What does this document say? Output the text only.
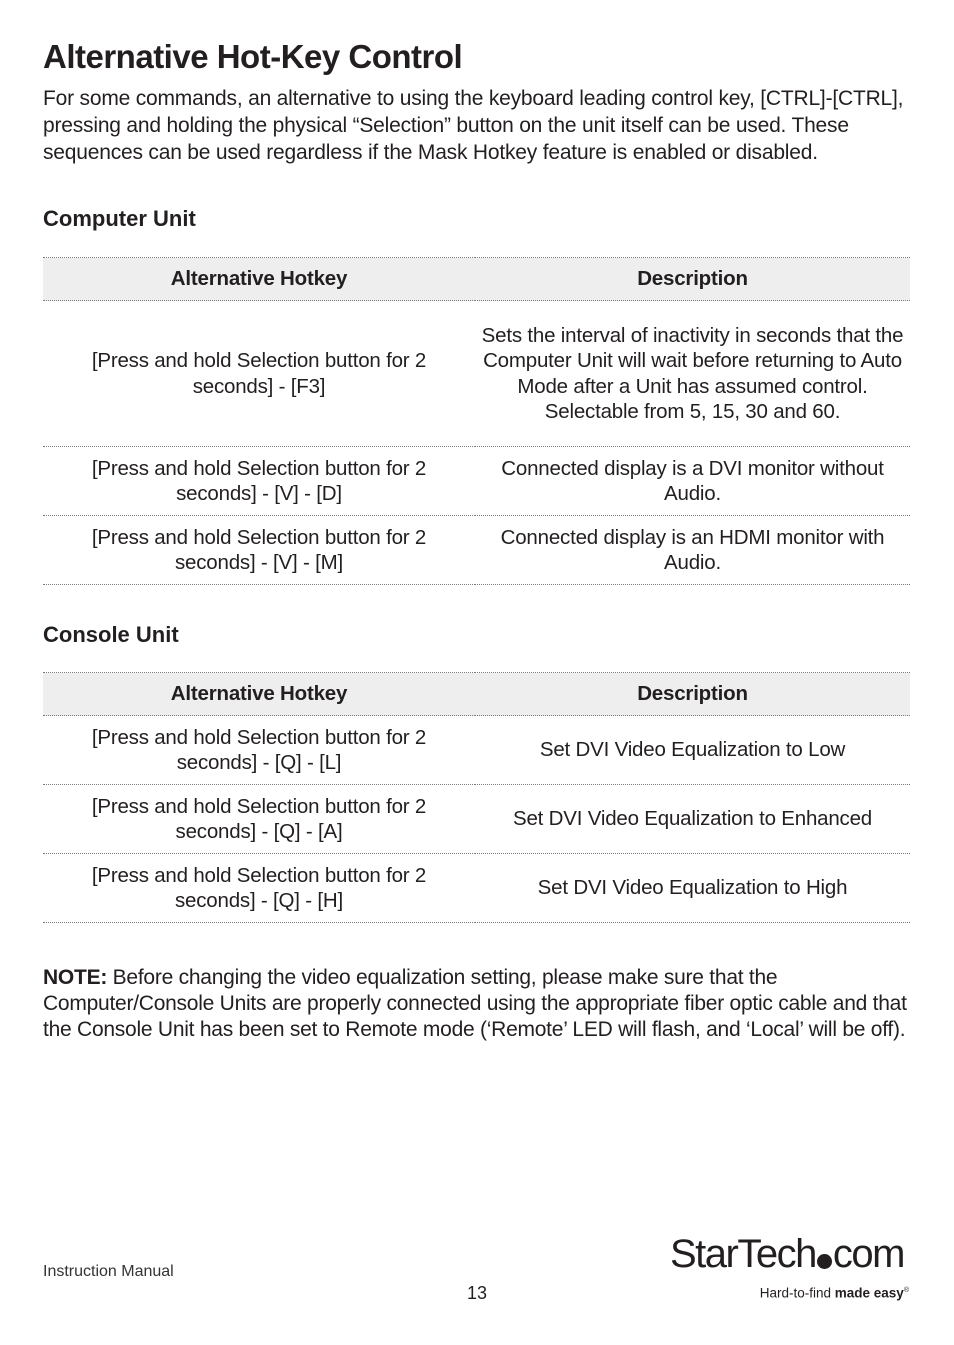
Alternative Hot-Key Control

For some commands, an alternative to using the keyboard leading control key, [CTRL]-[CTRL], pressing and holding the physical “Selection” button on the unit itself can be used. These sequences can be used regardless if the Mask Hotkey feature is enabled or disabled.

Computer Unit
Alternative Hotkey	Description
[Press and hold Selection button for 2 seconds] - [F3]	Sets the interval of inactivity in seconds that the Computer Unit will wait before returning to Auto Mode after a Unit has assumed control. Selectable from 5, 15, 30 and 60.
[Press and hold Selection button for 2 seconds] - [V] - [D]	Connected display is a DVI monitor without Audio.
[Press and hold Selection button for 2 seconds] - [V] - [M]	Connected display is an HDMI monitor with Audio.
Console Unit
Alternative Hotkey	Description
[Press and hold Selection button for 2 seconds] - [Q] - [L]	Set DVI Video Equalization to Low
[Press and hold Selection button for 2 seconds] - [Q] - [A]	Set DVI Video Equalization to Enhanced
[Press and hold Selection button for 2 seconds] - [Q] - [H]	Set DVI Video Equalization to High

NOTE: Before changing the video equalization setting, please make sure that the Computer/Console Units are properly connected using the appropriate fiber optic cable and that the Console Unit has been set to Remote mode (‘Remote’ LED will flash, and ‘Local’ will be off).

Instruction Manual
13
StarTech com
Hard-to-find made easy®
